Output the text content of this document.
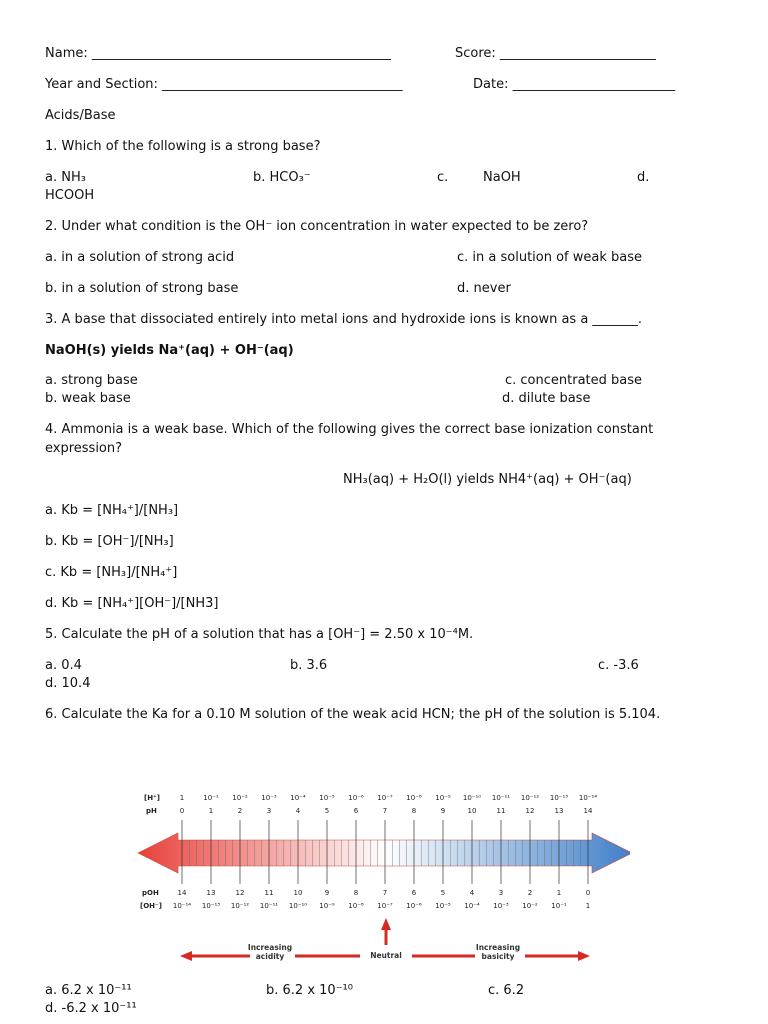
Name: ______________________________________________	Score: ________________________
Year and Section: _____________________________________	Date: _________________________
Acids/Base
1. Which of the following is a strong base?
a. NH₃	b. HCO₃⁻	c.	NaOH	d.
HCOOH
2. Under what condition is the OH⁻ ion concentration in water expected to be zero?
a. in a solution of strong acid	c. in a solution of weak base
b. in a solution of strong base	d. never
3. A base that dissociated entirely into metal ions and hydroxide ions is known as a _______.
NaOH(s) yields Na⁺(aq) + OH⁻(aq)
a. strong base	c. concentrated base
b. weak base	d. dilute base
4. Ammonia is a weak base. Which of the following gives the correct base ionization constant
expression?
NH₃(aq) + H₂O(l) yields NH4⁺(aq) + OH⁻(aq)
a. Kb = [NH₄⁺]/[NH₃]
b. Kb = [OH⁻]/[NH₃]
c. Kb = [NH₃]/[NH₄⁺]
d. Kb = [NH₄⁺][OH⁻]/[NH3]
5. Calculate the pH of a solution that has a [OH⁻] = 2.50 x 10⁻⁴M.
a. 0.4	b. 3.6	c. -3.6
d. 10.4
6. Calculate the Ka for a 0.10 M solution of the weak acid HCN; the pH of the solution is 5.104.
[H⁺]
pH
pOH
[OH⁻]
1	10⁻¹ 10⁻² 10⁻³ 10⁻⁴ 10⁻⁵ 10⁻⁶ 10⁻⁷ 10⁻⁸ 10⁻⁹ 10⁻¹⁰ 10⁻¹¹ 10⁻¹² 10⁻¹³ 10⁻¹⁴
0	1	2	3	4	5	6	7	8	9	10	11	12	13	14
14	13	12	11	10	9	8	7	6	5	4	3	2	1	0
10⁻¹⁴ 10⁻¹³ 10⁻¹² 10⁻¹¹ 10⁻¹⁰ 10⁻⁹ 10⁻⁸ 10⁻⁷ 10⁻⁶ 10⁻⁵ 10⁻⁴ 10⁻³ 10⁻² 10⁻¹	1
Increasing
acidity	Neutral
Increasing
basicity
a. 6.2 x 10⁻¹¹	b. 6.2 x 10⁻¹⁰	c. 6.2
d. -6.2 x 10⁻¹¹
